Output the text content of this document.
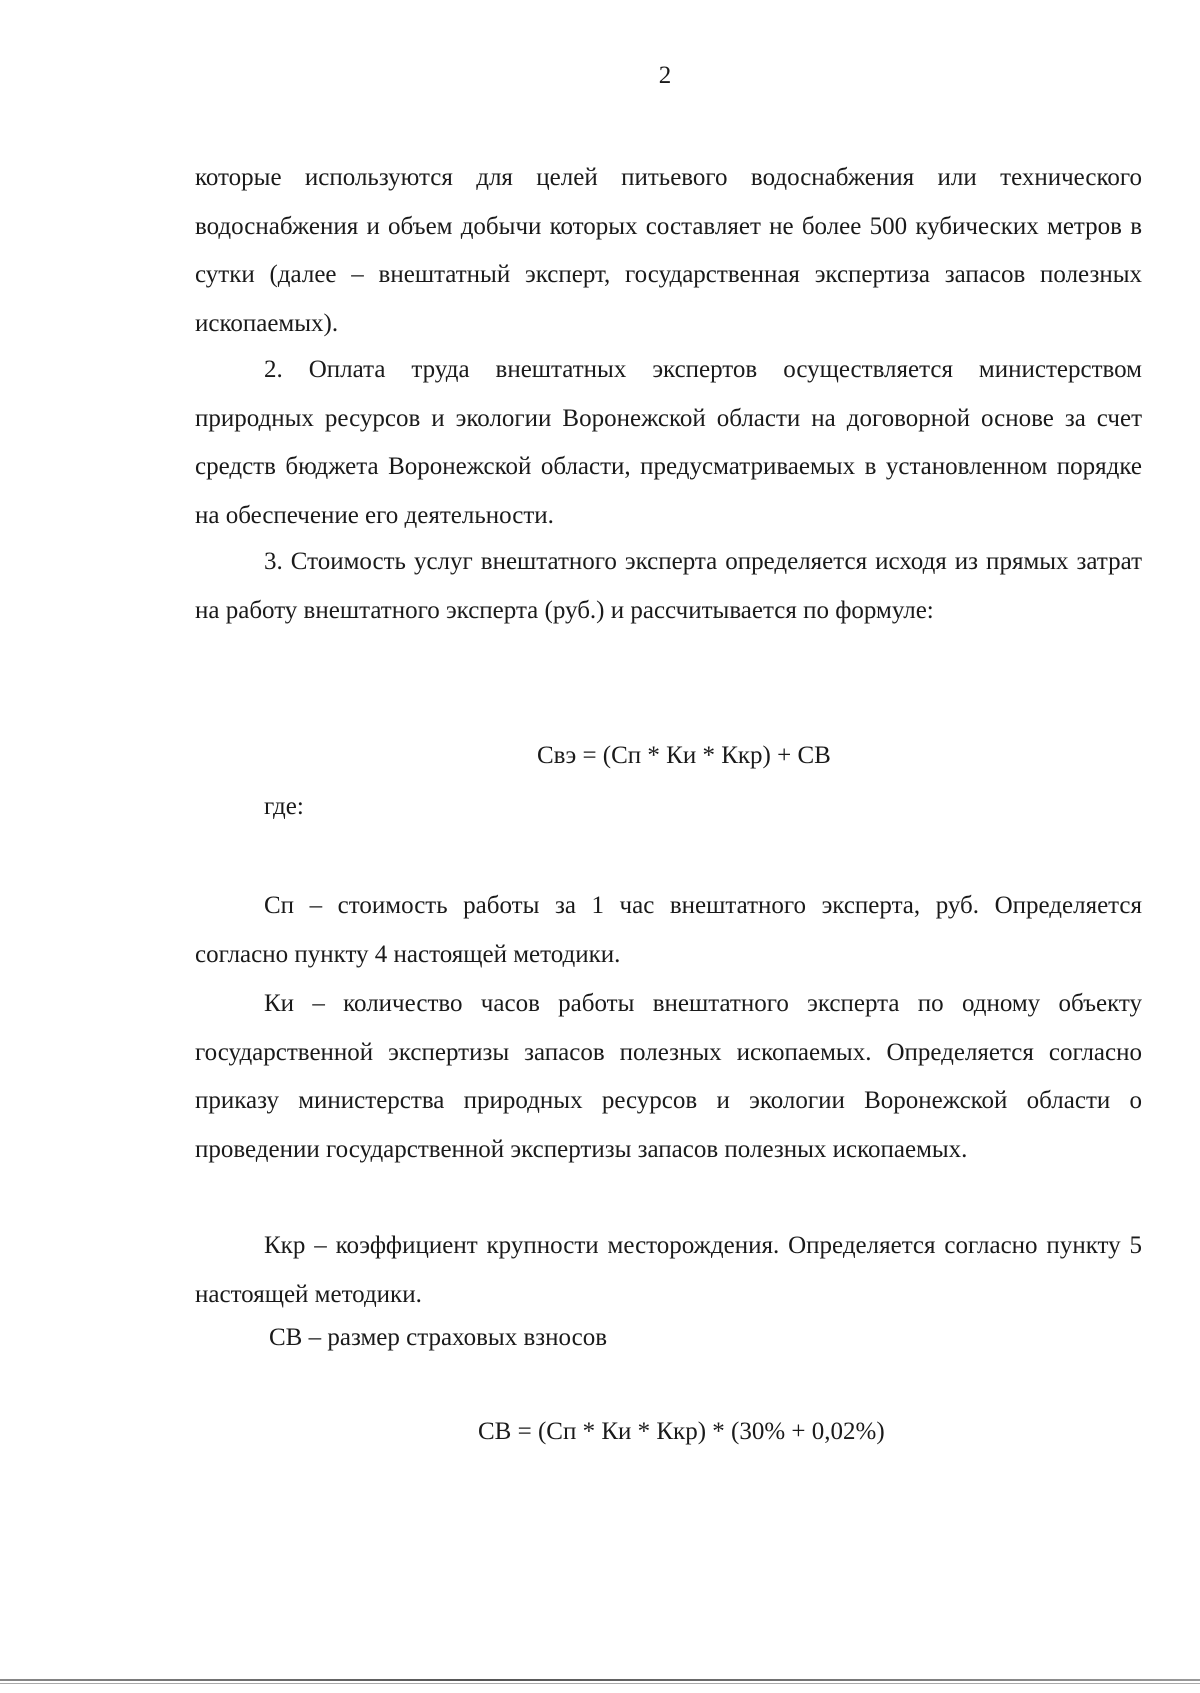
2

которые используются для целей питьевого водоснабжения или технического водоснабжения и объем добычи которых составляет не более 500 кубических метров в сутки (далее – внештатный эксперт, государственная экспертиза запасов полезных ископаемых).

2. Оплата труда внештатных экспертов осуществляется министерством природных ресурсов и экологии Воронежской области на договорной основе за счет средств бюджета Воронежской области, предусматриваемых в установленном порядке на обеспечение его деятельности.

3. Стоимость услуг внештатного эксперта определяется исходя из прямых затрат на работу внештатного эксперта (руб.) и рассчитывается по формуле:

Свэ = (Сп * Ки * Ккр) + СВ
где:

Сп – стоимость работы за 1 час внештатного эксперта, руб. Определяется согласно пункту 4 настоящей методики.

Ки – количество часов работы внештатного эксперта по одному объекту государственной экспертизы запасов полезных ископаемых. Определяется согласно приказу министерства природных ресурсов и экологии Воронежской области о проведении государственной экспертизы запасов полезных ископаемых.

Ккр – коэффициент крупности месторождения. Определяется согласно пункту 5 настоящей методики.

СВ – размер страховых взносов
СВ = (Сп * Ки * Ккр) * (30% + 0,02%)
